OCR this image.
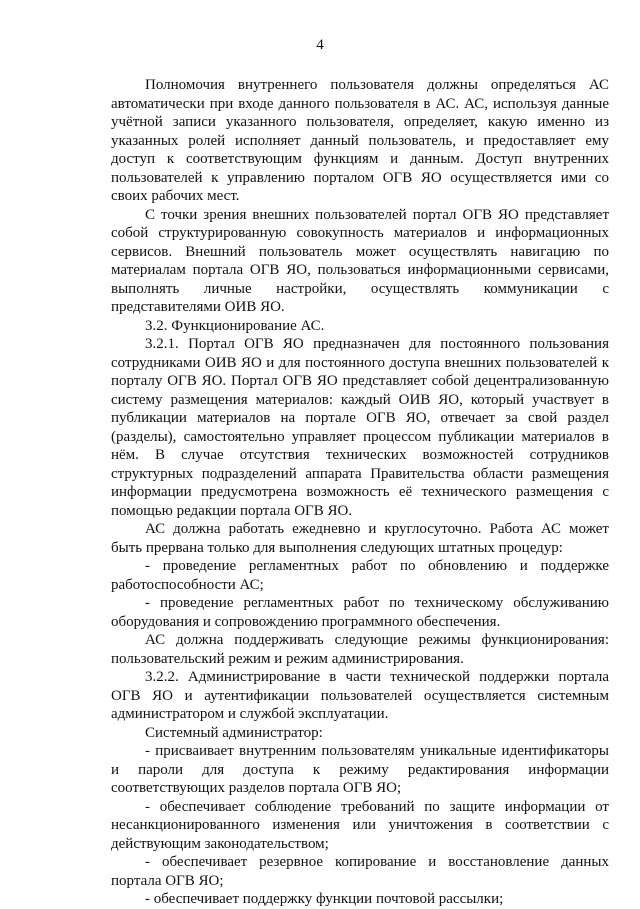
4

Полномочия внутреннего пользователя должны определяться АС автоматически при входе данного пользователя в АС. АС, используя данные учётной записи указанного пользователя, определяет, какую именно из указанных ролей исполняет данный пользователь, и предоставляет ему доступ к соответствующим функциям и данным. Доступ внутренних пользователей к управлению порталом ОГВ ЯО осуществляется ими со своих рабочих мест.

С точки зрения внешних пользователей портал ОГВ ЯО представляет собой структурированную совокупность материалов и информационных сервисов. Внешний пользователь может осуществлять навигацию по материалам портала ОГВ ЯО, пользоваться информационными сервисами, выполнять личные настройки, осуществлять коммуникации с представителями ОИВ ЯО.

3.2. Функционирование АС.

3.2.1. Портал ОГВ ЯО предназначен для постоянного пользования сотрудниками ОИВ ЯО и для постоянного доступа внешних пользователей к порталу ОГВ ЯО. Портал ОГВ ЯО представляет собой децентрализованную систему размещения материалов: каждый ОИВ ЯО, который участвует в публикации материалов на портале ОГВ ЯО, отвечает за свой раздел (разделы), самостоятельно управляет процессом публикации материалов в нём. В случае отсутствия технических возможностей сотрудников структурных подразделений аппарата Правительства области размещения информации предусмотрена возможность её технического размещения с помощью редакции портала ОГВ ЯО.

АС должна работать ежедневно и круглосуточно. Работа АС может быть прервана только для выполнения следующих штатных процедур:

- проведение регламентных работ по обновлению и поддержке работоспособности АС;

- проведение регламентных работ по техническому обслуживанию оборудования и сопровождению программного обеспечения.

АС должна поддерживать следующие режимы функционирования: пользовательский режим и режим администрирования.

3.2.2. Администрирование в части технической поддержки портала ОГВ ЯО и аутентификации пользователей осуществляется системным администратором и службой эксплуатации.

Системный администратор:

- присваивает внутренним пользователям уникальные идентификаторы и пароли для доступа к режиму редактирования информации соответствующих разделов портала ОГВ ЯО;

- обеспечивает соблюдение требований по защите информации от несанкционированного изменения или уничтожения в соответствии с действующим законодательством;

- обеспечивает резервное копирование и восстановление данных портала ОГВ ЯО;

- обеспечивает поддержку функции почтовой рассылки;
